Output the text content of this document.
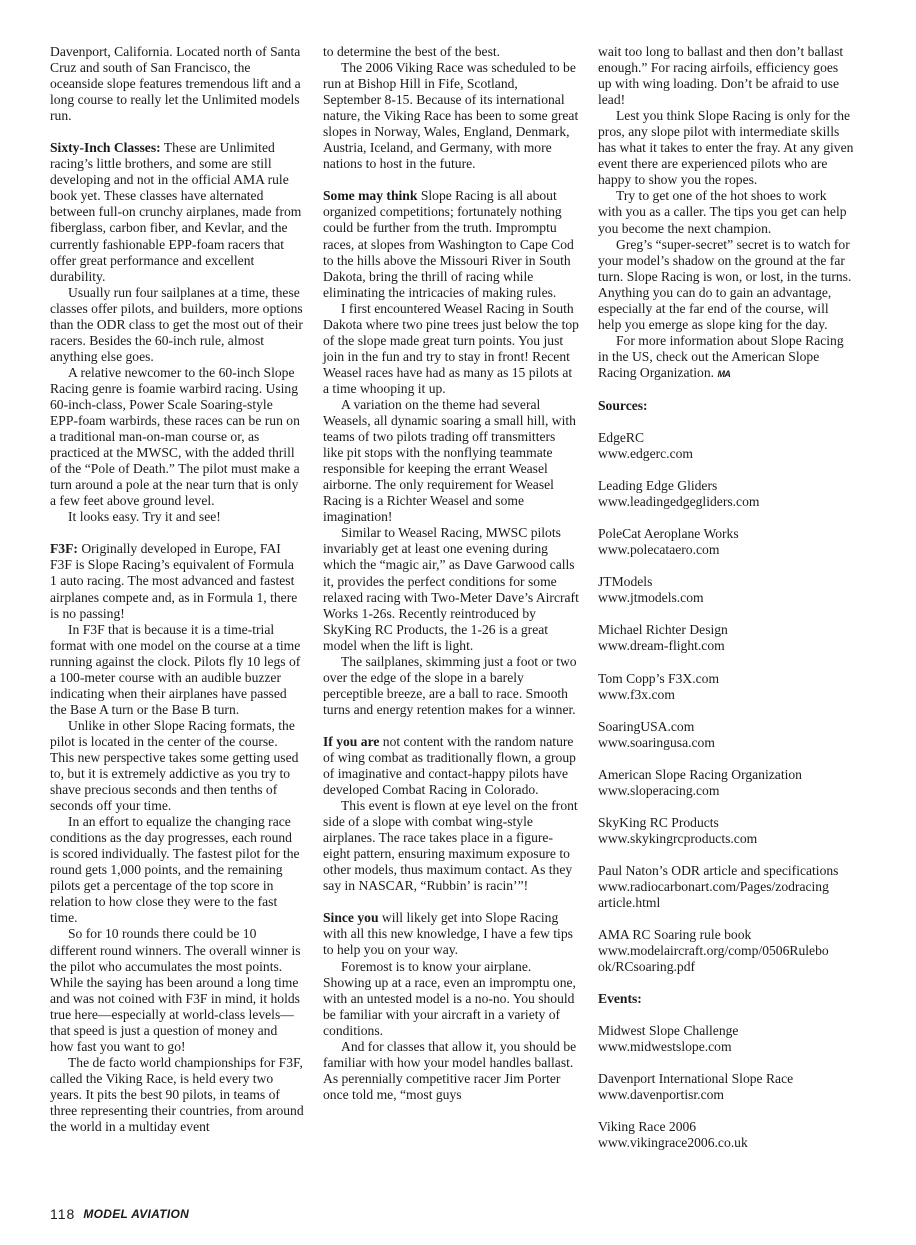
Davenport, California. Located north of Santa Cruz and south of San Francisco, the oceanside slope features tremendous lift and a long course to really let the Unlimited models run.

Sixty-Inch Classes: These are Unlimited racing’s little brothers, and some are still developing and not in the official AMA rule book yet. These classes have alternated between full-on crunchy airplanes, made from fiberglass, carbon fiber, and Kevlar, and the currently fashionable EPP-foam racers that offer great performance and excellent durability.

Usually run four sailplanes at a time, these classes offer pilots, and builders, more options than the ODR class to get the most out of their racers. Besides the 60-inch rule, almost anything else goes.

A relative newcomer to the 60-inch Slope Racing genre is foamie warbird racing. Using 60-inch-class, Power Scale Soaring-style EPP-foam warbirds, these races can be run on a traditional man-on-man course or, as practiced at the MWSC, with the added thrill of the “Pole of Death.” The pilot must make a turn around a pole at the near turn that is only a few feet above ground level.

It looks easy. Try it and see!

F3F: Originally developed in Europe, FAI F3F is Slope Racing’s equivalent of Formula 1 auto racing. The most advanced and fastest airplanes compete and, as in Formula 1, there is no passing!

In F3F that is because it is a time-trial format with one model on the course at a time running against the clock. Pilots fly 10 legs of a 100-meter course with an audible buzzer indicating when their airplanes have passed the Base A turn or the Base B turn.

Unlike in other Slope Racing formats, the pilot is located in the center of the course. This new perspective takes some getting used to, but it is extremely addictive as you try to shave precious seconds and then tenths of seconds off your time.

In an effort to equalize the changing race conditions as the day progresses, each round is scored individually. The fastest pilot for the round gets 1,000 points, and the remaining pilots get a percentage of the top score in relation to how close they were to the fast time.

So for 10 rounds there could be 10 different round winners. The overall winner is the pilot who accumulates the most points. While the saying has been around a long time and was not coined with F3F in mind, it holds true here—especially at world-class levels—that speed is just a question of money and how fast you want to go!

The de facto world championships for F3F, called the Viking Race, is held every two years. It pits the best 90 pilots, in teams of three representing their countries, from around the world in a multiday event

to determine the best of the best.

The 2006 Viking Race was scheduled to be run at Bishop Hill in Fife, Scotland, September 8-15. Because of its international nature, the Viking Race has been to some great slopes in Norway, Wales, England, Denmark, Austria, Iceland, and Germany, with more nations to host in the future.

Some may think Slope Racing is all about organized competitions; fortunately nothing could be further from the truth. Impromptu races, at slopes from Washington to Cape Cod to the hills above the Missouri River in South Dakota, bring the thrill of racing while eliminating the intricacies of making rules.

I first encountered Weasel Racing in South Dakota where two pine trees just below the top of the slope made great turn points. You just join in the fun and try to stay in front! Recent Weasel races have had as many as 15 pilots at a time whooping it up.

A variation on the theme had several Weasels, all dynamic soaring a small hill, with teams of two pilots trading off transmitters like pit stops with the nonflying teammate responsible for keeping the errant Weasel airborne. The only requirement for Weasel Racing is a Richter Weasel and some imagination!

Similar to Weasel Racing, MWSC pilots invariably get at least one evening during which the “magic air,” as Dave Garwood calls it, provides the perfect conditions for some relaxed racing with Two-Meter Dave’s Aircraft Works 1-26s. Recently reintroduced by SkyKing RC Products, the 1-26 is a great model when the lift is light.

The sailplanes, skimming just a foot or two over the edge of the slope in a barely perceptible breeze, are a ball to race. Smooth turns and energy retention makes for a winner.

If you are not content with the random nature of wing combat as traditionally flown, a group of imaginative and contact-happy pilots have developed Combat Racing in Colorado.

This event is flown at eye level on the front side of a slope with combat wing-style airplanes. The race takes place in a figure-eight pattern, ensuring maximum exposure to other models, thus maximum contact. As they say in NASCAR, “Rubbin’ is racin’”!

Since you will likely get into Slope Racing with all this new knowledge, I have a few tips to help you on your way.

Foremost is to know your airplane. Showing up at a race, even an impromptu one, with an untested model is a no-no. You should be familiar with your aircraft in a variety of conditions.

And for classes that allow it, you should be familiar with how your model handles ballast. As perennially competitive racer Jim Porter once told me, “most guys

wait too long to ballast and then don’t ballast enough.” For racing airfoils, efficiency goes up with wing loading. Don’t be afraid to use lead!

Lest you think Slope Racing is only for the pros, any slope pilot with intermediate skills has what it takes to enter the fray. At any given event there are experienced pilots who are happy to show you the ropes.

Try to get one of the hot shoes to work with you as a caller. The tips you get can help you become the next champion.

Greg’s “super-secret” secret is to watch for your model’s shadow on the ground at the far turn. Slope Racing is won, or lost, in the turns. Anything you can do to gain an advantage, especially at the far end of the course, will help you emerge as slope king for the day.

For more information about Slope Racing in the US, check out the American Slope Racing Organization. MA

Sources:

EdgeRC
www.edgerc.com
Leading Edge Gliders
www.leadingedgegliders.com
PoleCat Aeroplane Works
www.polecataero.com
JTModels
www.jtmodels.com
Michael Richter Design
www.dream-flight.com
Tom Copp’s F3X.com
www.f3x.com
SoaringUSA.com
www.soaringusa.com
American Slope Racing Organization
www.sloperacing.com
SkyKing RC Products
www.skykingrcproducts.com
Paul Naton’s ODR article and specifications
www.radiocarbonart.com/Pages/zodracing article.html
AMA RC Soaring rule book
www.modelaircraft.org/comp/0506Rulebo ok/RCsoaring.pdf

Events:

Midwest Slope Challenge
www.midwestslope.com
Davenport International Slope Race
www.davenportisr.com
Viking Race 2006
www.vikingrace2006.co.uk
118 MODEL AVIATION
